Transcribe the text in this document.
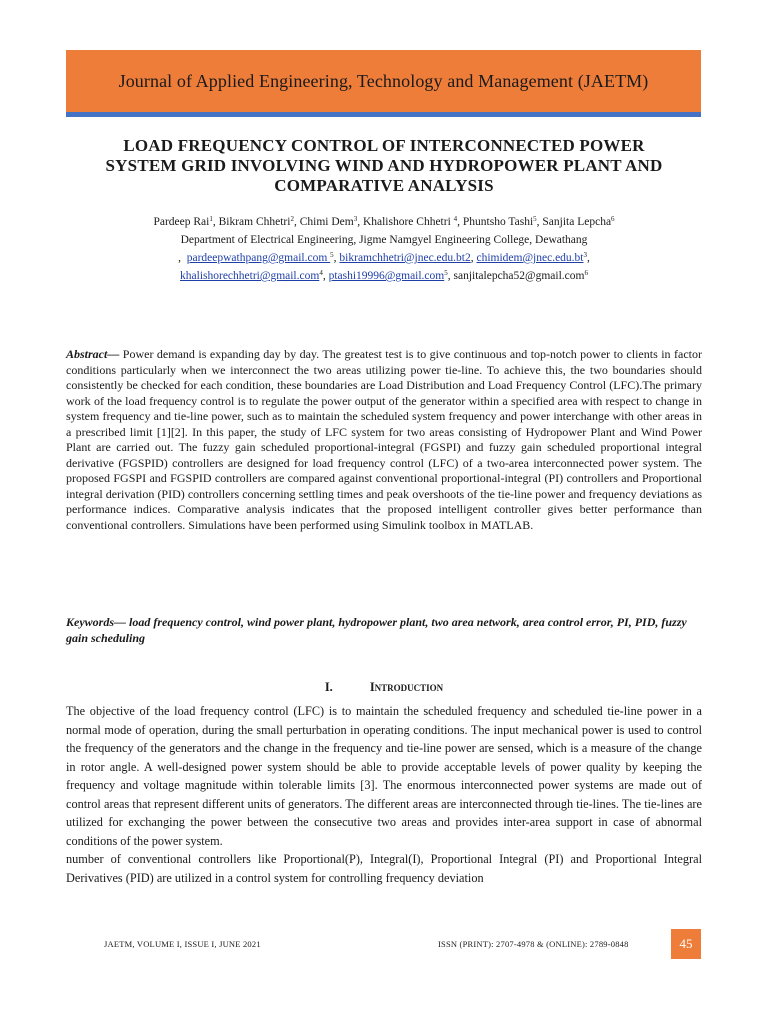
Journal of Applied Engineering, Technology and Management (JAETM)
LOAD FREQUENCY CONTROL OF INTERCONNECTED POWER
SYSTEM GRID INVOLVING WIND AND HYDROPOWER PLANT AND
COMPARATIVE ANALYSIS
Pardeep Rai$^1$, Bikram Chhetri$^2$, Chimi Dem$^3$, Khalishore Chhetri $^4$, Phuntsho Tashi$^5$, Sanjita Lepcha$^6$
Department of Electrical Engineering, Jigme Namgyel Engineering College, Dewathang
,  pardeepwathpang@gmail.com $^5$, bikramchhetri@jnec.edu.bt2, $chimidem@jnec.edu.bt^3$,
khalishorechhetri@gmail.com$^4$, ptashi19996@gmail.com$^5$, sanjitalepcha52@gmail.com$^6$

Abstract— Power demand is expanding day by day. The greatest test is to give continuous and top-notch power to clients in factor conditions particularly when we interconnect the two areas utilizing power tie-line. To achieve this, the two boundaries should consistently be checked for each condition, these boundaries are Load Distribution and Load Frequency Control (LFC).The primary work of the load frequency control is to regulate the power output of the generator within a specified area with respect to change in system frequency and tie-line power, such as to maintain the scheduled system frequency and power interchange with other areas in a prescribed limit [1][2]. In this paper, the study of LFC system for two areas consisting of Hydropower Plant and Wind Power Plant are carried out. The fuzzy gain scheduled proportional-integral (FGSPI) and fuzzy gain scheduled proportional integral derivative (FGSPID) controllers are designed for load frequency control (LFC) of a two-area interconnected power system. The proposed FGSPI and FGSPID controllers are compared against conventional proportional-integral (PI) controllers and Proportional integral derivation (PID) controllers concerning settling times and peak overshoots of the tie-line power and frequency deviations as performance indices. Comparative analysis indicates that the proposed intelligent controller gives better performance than conventional controllers. Simulations have been performed using Simulink toolbox in MATLAB.

Keywords— load frequency control, wind power plant, hydropower plant, two area network, area control error, PI, PID, fuzzy gain scheduling
I.	Introduction

The objective of the load frequency control (LFC) is to maintain the scheduled frequency and scheduled tie-line power in a normal mode of operation, during the small perturbation in operating conditions. The input mechanical power is used to control the frequency of the generators and the change in the frequency and tie-line power are sensed, which is a measure of the change in rotor angle. A well-designed power system should be able to provide acceptable levels of power quality by keeping the frequency and voltage magnitude within tolerable limits [3]. The enormous interconnected power systems are made out of control areas that represent different units of generators. The different areas are interconnected through tie-lines. The tie-lines are utilized for exchanging the power between the consecutive two areas and provides inter-area support in case of abnormal conditions of the power system.

number of conventional controllers like Proportional(P), Integral(I), Proportional Integral (PI) and Proportional Integral Derivatives (PID) are utilized in a control system for controlling frequency deviation

JAETM, VOLUME I, ISSUE I, JUNE 2021	ISSN (PRINT): 2707-4978 & (ONLINE): 2789-0848	45
